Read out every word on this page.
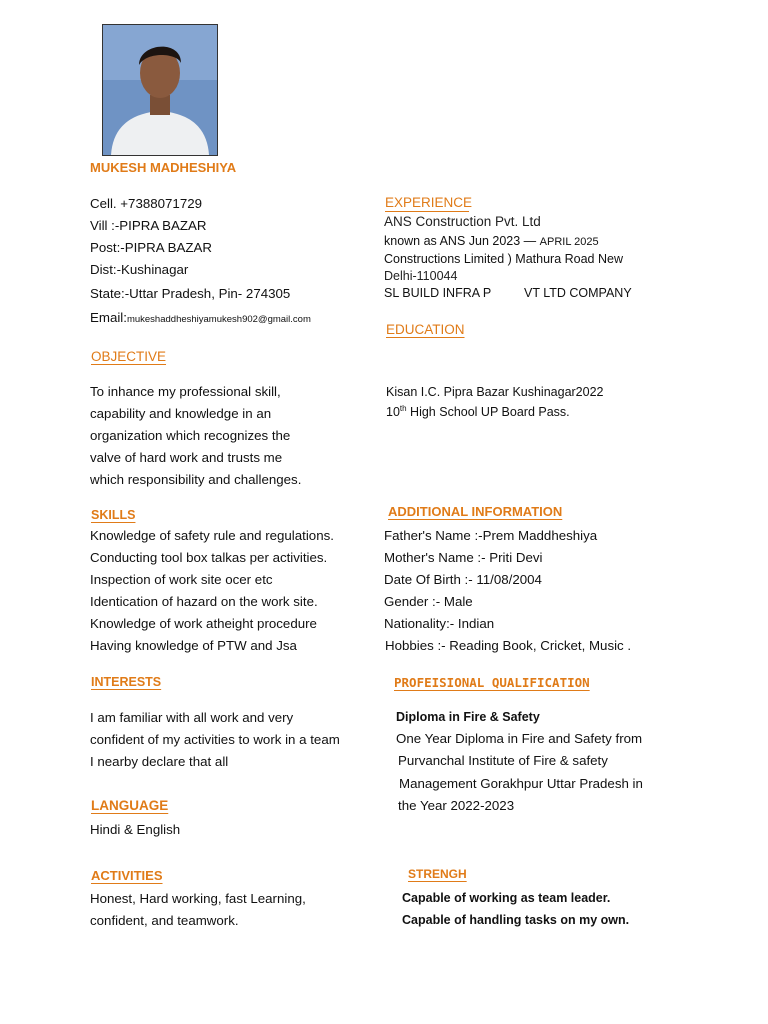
MUKESH MADHESHIYA
Cell. +7388071729
Vill :-PIPRA BAZAR
Post:-PIPRA BAZAR
Dist:-Kushinagar
State:-Uttar Pradesh, Pin- 274305
Email:mukeshaddheshiyamukesh902@gmail.com
EXPERIENCE
ANS Construction Pvt. Ltd
known as ANS Jun 2023 — APRIL 2025
Constructions Limited ) Mathura Road New
Delhi-110044
SL BUILD INFRA P	VT LTD COMPANY
EDUCATION
Kisan I.C. Pipra Bazar Kushinagar2022
10th High School UP Board Pass.
OBJECTIVE
To inhance my professional skill,
capability and knowledge in an
organization which recognizes the
valve of hard work and trusts me
which responsibility and challenges.
SKILLS
Knowledge of safety rule and regulations.
Conducting tool box talkas per activities.
Inspection of work site ocer etc
Identication of hazard on the work site.
Knowledge of work atheight procedure
Having knowledge of PTW and Jsa
ADDITIONAL INFORMATION
Father's Name :-Prem Maddheshiya
Mother's Name :- Priti Devi
Date Of Birth :- 11/08/2004
Gender :- Male
Nationality:- Indian
Hobbies :- Reading Book, Cricket, Music .
INTERESTS
I am familiar with all work and very
confident of my activities to work in a team
I nearby declare that all
PROFEISIONAL QUALIFICATION
Diploma in Fire & Safety
One Year Diploma in Fire and Safety from
Purvanchal Institute of Fire & safety
Management Gorakhpur Uttar Pradesh in
the Year 2022-2023
LANGUAGE
Hindi & English
ACTIVITIES
Honest, Hard working, fast Learning,
confident, and teamwork.
STRENGH
Capable of working as team leader.
Capable of handling tasks on my own.
